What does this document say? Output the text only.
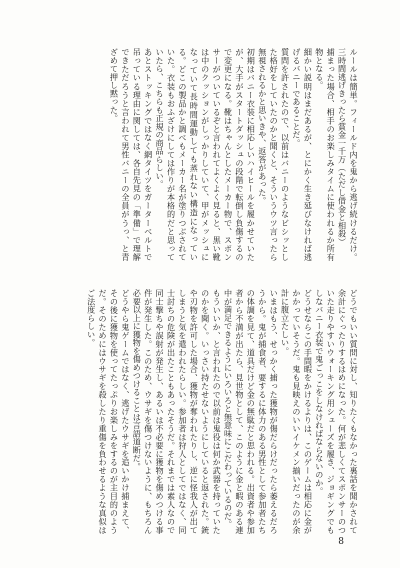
ルールは簡単。フィールド内を鬼から逃げ続けるだけ。三時間逃げきったら賞金一千万（ただし借金と相殺）

捕まった場合、相手のお楽しみタイムに使われるか所有物となる。

細かい説明はまだあるが、とにかく生き延びなければ逃げるバニーであることだ。

質問を許されたので、以前はバニーのようなビシッとした格好をしていたのかと聞くと、そういうウツ言ったら無視されるかと思いきや、返答があった。

初期はバニー衣装に相応しいハイヒールを履かせていたが、大手がスタートダッシュの段階で転倒し負傷するので変更になる。靴はちゃんとしたメーカー物で、スポンサーがついているぞと言われてよくよく見ると、黒い靴は中のクッションがしっかりしていて、甲がメッシュになっていて長時間運動しても蒸れない構造になっている。どこの製品かと調べもメーカー名が塗りつぶされていた。衣装もおふざけにしては作りが本格的だと思っていたら、こちらも正規の商品らしい。

あとストッキングではなく網タイツをガーターベルトで吊っている理由に関しては、各自先見の「準備」で理解できただろうと言われて男性バニーの全員がうっ、と青ざめて押し黙った。

どうでもいい質問に対し、知りたくもなかった裏話を聞かされて余計にぐったりするはめになった。何が悲しくてスポンサーのついた走りやすいウォーキング用シューズを履き、ジョギングでもしなバニー衣装で鬼ごっこをしなければならないのか。

どうせならこの手間暇をかけるよりは、このゲームは相応に金がかかっていそうだ。鬼も見映えのいいイケメン揃いだったのが余計に腹立たしい。

いまはもう、せっかく捕った獲物が傷だらけだったら萎えるだろうから。鬼が捕食者、要するに体力のある男性として参加者たちの体調を見て、道具だけど金の無駄だと思われる。出資者や参加者から不満が出たら、見世物として、このように金と暇のある連中が満足できるようにいろいろと無意味にこだわっているのだ。

もういいか、と言われたので以前は鬼役は何か武器を持っていたのかを聞く。いっさい持たせないようにしていると返された。銃や刃物を許可した場合、獲物が奪われたりし、逆に怪我人が出てしまうと気を遣われたらしい。参加者は狩人としてではなく、同士討ちの危険が出たこともあったそうだ。それまでは素人なので同士撃ちや誤射が発生し、あるいは不必要に獲物を傷めつける事件が発生した。このため、ウサギを傷つけないように、もちろん必要以上に獲物を傷めつけることは言語道断だ。

どうやら鬼ゲームではなく、逃げたウサギを追いかけ捕まえて、その後に獲物を使ってたっぷりお楽しみをするのが主目的のようだ。そのためにはウサギを殺したり重傷を負わせるような真似はご法度らしい。

8
